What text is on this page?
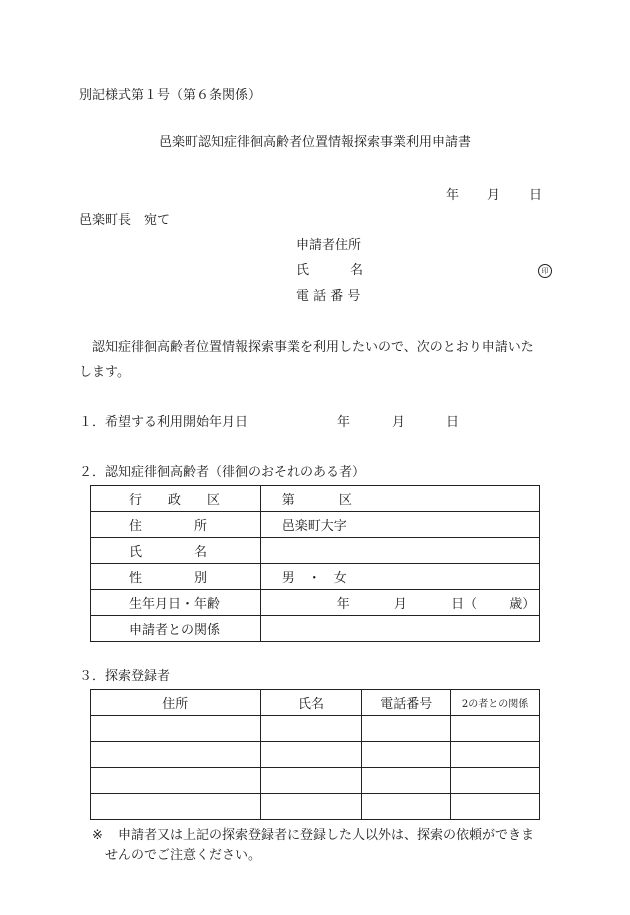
別記様式第１号（第６条関係）
邑楽町認知症徘徊高齢者位置情報探索事業利用申請書
年 月 日
邑楽町長　宛て
申請者住所
氏	名	印
電 話 番 号
　認知症徘徊高齢者位置情報探索事業を利用したいので、次のとおり申請いた
します。
１．希望する利用開始年月日	年	月	日
２．認知症徘徊高齢者（徘徊のおそれのある者）
行　　政　　区	第 区
住　　　　所	邑楽町大字
氏　　　　名	
性　　　　別	男　・　女
生年月日・年齢	年 月 日（ 歳）
申請者との関係	
３．探索登録者
住所	氏名	電話番号	2の者との関係

※ 申請者又は上記の探索登録者に登録した人以外は、探索の依頼ができま
せんのでご注意ください。
